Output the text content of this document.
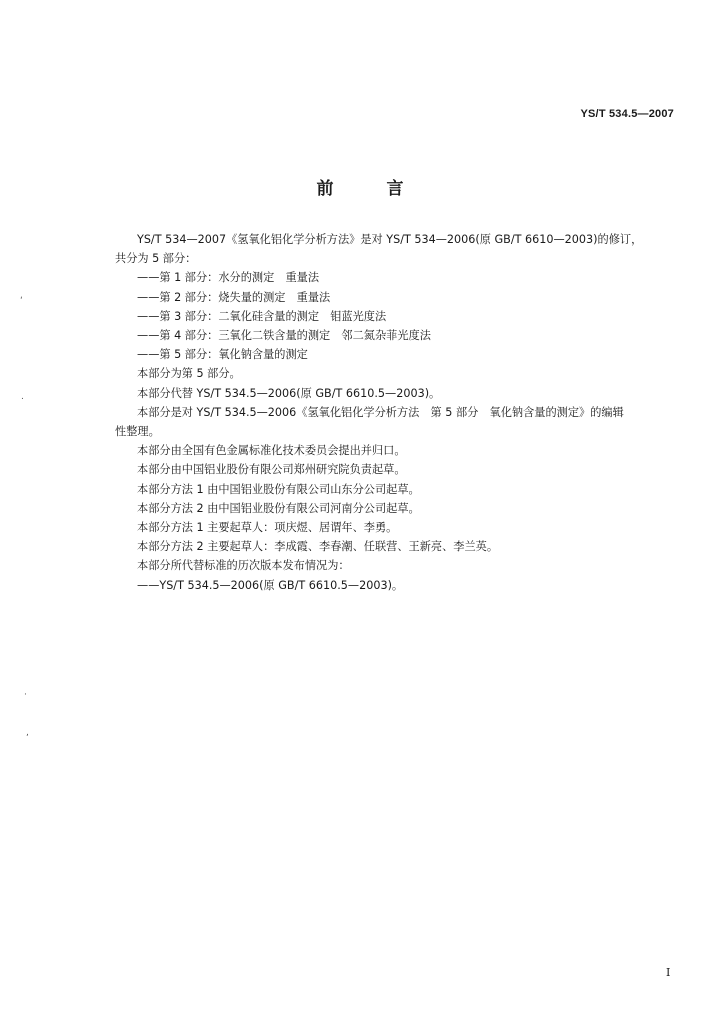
YS/T 534.5—2007
前　言
YS/T 534—2007《氢氧化铝化学分析方法》是对 YS/T 534—2006(原 GB/T 6610—2003)的修订，
共分为 5 部分：
——第 1 部分：水分的测定　重量法
——第 2 部分：烧失量的测定　重量法
——第 3 部分：二氧化硅含量的测定　钼蓝光度法
——第 4 部分：三氧化二铁含量的测定　邻二氮杂菲光度法
——第 5 部分：氧化钠含量的测定
本部分为第 5 部分。
本部分代替 YS/T 534.5—2006(原 GB/T 6610.5—2003)。
本部分是对 YS/T 534.5—2006《氢氧化铝化学分析方法　第 5 部分　氧化钠含量的测定》的编辑
性整理。
本部分由全国有色金属标准化技术委员会提出并归口。
本部分由中国铝业股份有限公司郑州研究院负责起草。
本部分方法 1 由中国铝业股份有限公司山东分公司起草。
本部分方法 2 由中国铝业股份有限公司河南分公司起草。
本部分方法 1 主要起草人：项庆煜、居谓年、李勇。
本部分方法 2 主要起草人：李成霞、李春潮、任联营、王新亮、李兰英。
本部分所代替标准的历次版本发布情况为：
——YS/T 534.5—2006(原 GB/T 6610.5—2003)。
‘
.
·
,
I
